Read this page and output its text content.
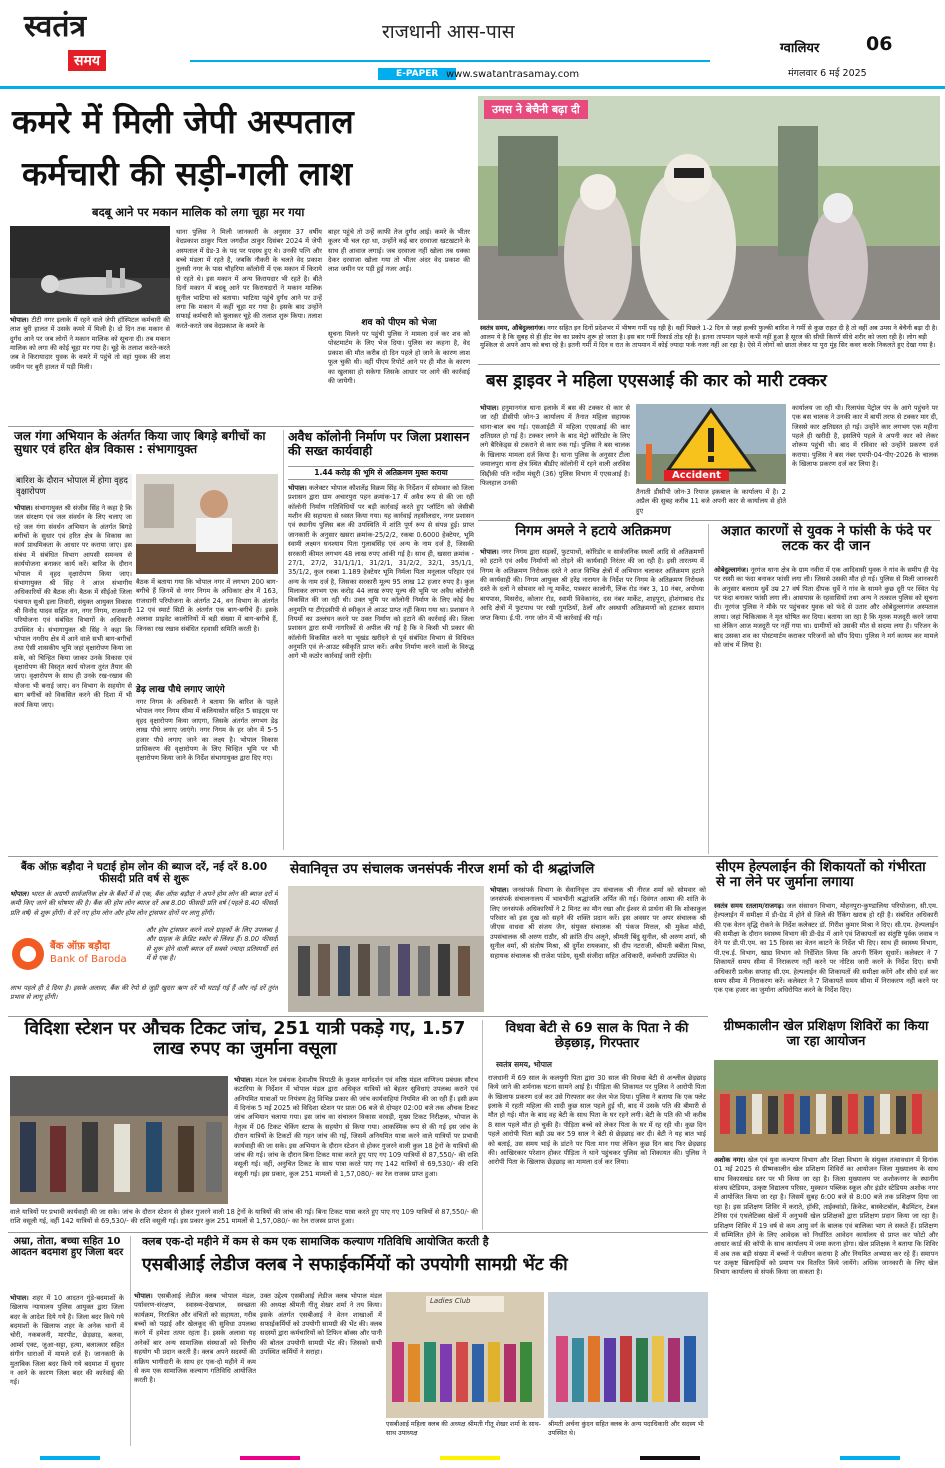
स्वतंत्र
समय
राजधानी आस-पास
E-PAPER www.swatantrasamay.com
ग्वालियर 06
मंगलवार 6 मई 2025
कमरे में मिली जेपी अस्पताल
कर्मचारी की सड़ी-गली लाश
बदबू आने पर मकान मालिक को लगा चूहा मर गया
भोपाल। टीटी नगर इलाके में रहने वाले जेपी हॉस्पिटल कर्मचारी की लाश बुरी हालत में उसके कमरे में मिली है। दो दिन तक मकान से दुर्गंध आने पर जब लोगों ने मकान मालिक को सूचना दी। तब मकान मालिक को लगा की कोई चूहा मर गया है। चूहे के तलाश करते-करते जब वे किरायादार युवक के कमरे में पहुंचे तो वहां युवक की लाश जमीन पर बुरी हालत में पड़ी मिली।
थाना पुलिस ने मिली जानकारी के अनुसार 37 वर्षीय वेदप्रकाश ठाकुर पिता जगदीश ठाकुर दिसंबर 2024 में जेपी अस्पताल में ग्रेड-3 के पद पर पदस्थ हुए थे। उनकी पत्नि और बच्चे मंडला में रहते है, जबकि नौकरी के चलते वेद प्रकाश तुलसी नगर के पास चौहरिया कॉलोनी में एक मकान में किराये से रहते थे। इस मकान में अन्य किरायदार भी रहते है। बीते दिनों मकान में बदबू आने पर किरायदारों ने मकान मालिक सुनील भाटिया को बताया। भाटिया पहुंचे दुर्गंध आने पर उन्हें लगा कि मकान में कहीं चूहा मर गया है। इसके बाद उन्होंने सफाई कर्मचारी को बुलाकर चूहे की तलाश शुरू किया। तलाश करते-करते जब वेदप्रकाश के कमरे के
बाहर पहुंचे तो उन्हें काफी तेज दुर्गंध आई। कमरे के भीतर कूलर भी चल रहा था, उन्होंने कई बार दरवाजा खटखटाने के साथ ही आवाज लगाई। जब दरवाजा नहीं खोला तब धक्का देकर दरवाजा खोला गया तो भीतर अंदर वेद प्रकाश की लाश जमीन पर पड़ी हुई नजर आई।
शव को पीएम को भेजा
सूचना मिलने पर पहुंची पुलिस ने मामला दर्ज कर शव को पोस्टमार्टम के लिए भेज दिया। पुलिस का कहना है, वेद प्रकाश की मौत करीब दो दिन पहले हो जाने के कारण लाश फूल चुकी थी। वहीं पीएम रिपोर्ट आने पर ही मौत के कारण का खुलासा हो सकेगा जिसके आधार पर आगे की कार्रवाई की जायेगी।
उमस ने बेचैनी बढ़ा दी
स्वतंत्र समय, औबेदुल्लागंज। नगर सहित इन दिनों प्रदेशभर में भीषण गर्मी पड़ रही है। वहीं पिछले 1-2 दिन से जहां हल्की फुल्की बारिश ने गर्मी से कुछ राहत दी है तो वहीं अब उमस ने बेचैनी बढ़ा दी है। आलम ये है कि सुबह से ही हीट वेव का प्रकोप शुरू हो जाता है। इस बार गर्मी रिकार्ड तोड़ रही है। इतना तापमान पहले कभी नहीं हुआ है सूरज की सीधी किरणें सीधे शरीर को जला रही है। लोग बड़ी मुश्किल से अपने आप को बचा रहे है। इतनी गर्मी में दिन व रात के तापमान में कोई ज्यादा फर्क नजर नहीं आ रहा है। ऐसे में लोगों को छाता लेकर या पूरा मुंह सिर कवर करके निकलते हुए देखा गया है।
जल गंगा अभियान के अंतर्गत किया जाए बिगड़े बगीचों का सुधार एवं हरित क्षेत्र विकास : संभागायुक्त
बारिश के दौरान भोपाल में होगा वृहद वृक्षारोपण
भोपाल। संभागायुक्त श्री संजीव सिंह ने कहा है कि जल संरक्षण एवं जल संवर्धन के लिए चलाए जा रहे जल गंगा संवर्धन अभियान के अंतर्गत बिगड़े बगीचों के सुधार एवं हरित क्षेत्र के विकास का कार्य प्राथमिकता के आधार पर कराया जाए। इस संबंध में संबंधित विभाग आपसी समन्वय से कार्ययोजना बनाकर कार्य करें। बारिश के दौरान भोपाल में वृहद वृक्षारोपण किया जाए। संभागायुक्त श्री सिंह ने आज संभागीय अधिकारियों की बैठक ली। बैठक में सीईओ जिला पंचायत सुश्री इला तिवारी, संयुक्त आयुक्त विकास श्री विनोद यादव सहित वन, नगर निगम, राजधानी परियोजना एवं संबंधित विभागों के अधिकारी उपस्थित थे। संभागायुक्त श्री सिंह ने कहा कि भोपाल नगरीय क्षेत्र में आने वाले सभी बाग-बगीचों तथा ऐसी शासकीय भूमि जहां वृक्षारोपण किया जा सके, को चिन्हित किया जाकर उनके विकास एवं वृक्षारोपण की विस्तृत कार्य योजना तुरंत तैयार की जाए। वृक्षारोपण के साथ ही उनके रख-रखाव की योजना भी बनाई जाए। वन विभाग के सहयोग से बाग बगीचों को विकसित करने की दिशा में भी कार्य किया जाए।
बैठक में बताया गया कि भोपाल नगर में लगभग 200 बाग-बगीचे हैं जिनमें से नगर निगम के अधिकार क्षेत्र में 163, राजधानी परियोजना के अंतर्गत 24, वन विभाग के अंतर्गत 12 एवं स्मार्ट सिटी के अंतर्गत एक बाग-बगीचे हैं। इसके अलावा प्राइवेट कालोनियों में बड़ी संख्या में बाग-बगीचे हैं, जिनका रख रखाव संबंधित रहवासी समिति करती है।
डेढ़ लाख पौधे लगाए जाएंगे
नगर निगम के अधिकारी ने बताया कि बारिश के पहले भोपाल नगर निगम सीमा में कलियासोत सहित 5 साइट्स पर वृहद वृक्षारोपण किया जाएगा, जिसके अंतर्गत लगभग डेढ़ लाख पौधे लगाए जाएंगे। नगर निगम के हर जोन में 5-5 हजार पौधे लगाए जाने का लक्ष्य है। भोपाल विकास प्राधिकरण की वृक्षारोपण के लिए चिन्हित भूमि पर भी वृक्षारोपण किया जाने के निर्देश संभागायुक्त द्वारा दिए गए।
अवैध कॉलोनी निर्माण पर जिला प्रशासन की सख्त कार्यवाही
1.44 करोड़ की भूमि से अतिक्रमण मुक्त कराया
भोपाल। कलेक्टर भोपाल कौशलेंद्र विक्रम सिंह के निर्देशन में सोमवार को जिला प्रशासन द्वारा ग्राम अचारपुरा पहन क्रमांक-17 में अवैध रूप से की जा रही कॉलोनी निर्माण गतिविधियों पर बड़ी कार्रवाई करते हुए प्लॉटिंग को जेसीबी मशीन की सहायता से ध्वस्त किया गया। यह कार्रवाई तहसीलदार, नगर प्रशासन एवं स्थानीय पुलिस बल की उपस्थिति में शांति पूर्ण रूप से संपन्न हुई। प्राप्त जानकारी के अनुसार खसरा क्रमांक-25/2/2, रकबा 0.6000 हेक्टेयर, भूमि स्वामी लक्ष्मन घनश्याम पिता गुलाबसिंह एवं अन्य के नाम दर्ज है, जिसकी सरकारी कीमत लगभग 48 लाख रुपए आंकी गई है। साथ ही, खसरा क्रमांक - 27/1, 27/2, 31/1/1/1, 31/2/1, 31/2/2, 32/1, 35/1/1, 35/1/2, कुल रकबा 1.189 हेक्टेयर भूमि निर्मला पिता मनूलाल परिहार एवं अन्य के नाम दर्ज है, जिसका सरकारी मूल्य 95 लाख 12 हजार रुपए है। कुल मिलाकर लगभग एक करोड़ 44 लाख रुपए मूल्य की भूमि पर अवैध कॉलोनी विकसित की जा रही थी। उक्त भूमि पर कॉलोनी निर्माण के लिए कोई वैध अनुमति या टीएंडसीपी से स्वीकृत ले आउट प्राप्त नहीं किया गया था। प्रशासन ने नियमों का उल्लंघन करने पर उक्त निर्माण को हटाने की कार्रवाई की। जिला प्रशासन द्वारा सभी नागरिकों से अपील की गई है कि वे किसी भी प्रकार की कॉलोनी विकसित करने या भूखंड खरीदने से पूर्व संबंधित विभाग से विधिवत अनुमति एवं ले-आउट स्वीकृति प्राप्त करें। अवैध निर्माण करने वालों के विरुद्ध आगे भी कठोर कार्रवाई जारी रहेगी।
बस ड्राइवर ने महिला एएसआई की कार को मारी टक्कर
भोपाल। हनुमानगंज थाना इलाके में बस की टक्कर से कार से जा रही डीसीपी जोन-3 कार्यालय में तैनात महिला सहायक थाना-बाल बच गई। एसआईटी में महिला एएसआई की कार क्षतिग्रस्त हो गई है। टक्कर लगने के बाद मेट्रो कॉरिडोर के लिए लगे बैरिकेड्स से टकराने से कार रुक गई। पुलिस ने बस चालक के खिलाफ मामला दर्ज किया है। थाना पुलिस के अनुसार टीला जमालपुरा थाना क्षेत्र स्थित बीडीए कॉलोनी में रहने वाली अरविस सिद्दीकी पति नदीम मंसूरी (36) पुलिस विभाग में एएसआई है। फिलहाल उनकी
Accident
तैनाती डीसीपी जोन-3 रियाज इकबाल के कार्यालय में है। 2 अप्रैल की सुबह करीब 11 बजे अपनी कार से कार्यालय से होते हुए
कार्यालय जा रही थी। रिलायंस पेट्रोल पंप के आगे पहुंचने पर एक बस चालक ने उनकी कार में बायीं तरफ से टक्कर मार दी, जिससे कार क्षतिग्रस्त हो गई। उन्होंने कार लगभग एक महीना पहले ही खरीदी है, इसलिये पहले वे अपनी कार को लेकर शोरूम पहुंची थी। बाद में रविवार को उन्होंने प्रकरण दर्ज कराया। पुलिस ने बस नंबर एमपी-04-पीए-2026 के चालक के खिलाफ प्रकरण दर्ज कर लिया है।
निगम अमले ने हटाये अतिक्रमण
भोपाल। नगर निगम द्वारा सड़कों, फुटपाथों, कॉरिडोर व सार्वजनिक स्थलों आदि से अतिक्रमणों को हटाने एवं अवैध निर्माणों को तोड़ने की कार्यवाही निरंतर की जा रही है। इसी तारतम्य में निगम के अतिक्रमण निरोधक दस्ते ने आज विभिन्न क्षेत्रों में अभियान चलाकर अतिक्रमण हटाने की कार्यवाही की। निगम आयुक्त श्री हरेंद्र नारायन के निर्देश पर निगम के अतिक्रमण निरोधक दस्ते के दलों ने सोमवार को न्यू मार्केट, पत्रकार कालोनी, लिंक रोड नंबर 3, 10 नंबर, अयोध्या बायपास, मिसरोद, कोलार रोड, स्वामी विवेकानंद, दस नंबर मार्केट, शाहपुरा, होशंगाबाद रोड आदि क्षेत्रों में फुटपाथ पर रखी गुमठियों, ठेलों और अस्थायी अतिक्रमणों को हटाकर सामान जप्त किया। ई.पी. नगर जोन में भी कार्रवाई की गई।
अज्ञात कारणों से युवक ने फांसी के फंदे पर लटक कर दी जान
ओबेदुल्लागंज। नूरगंज थाना क्षेत्र के ग्राम नवीरा में एक आदिवासी युवक ने गांव के समीप ही पेड़ पर रस्सी का फंदा बनाकर फांसी लगा ली। जिससे उसकी मौत हो गई। पुलिस से मिली जानकारी के अनुसार बलराम धुर्वे उम्र 27 वर्ष पिता दीपक धुर्वे ने गांव के सामने कुछ दूरी पर स्थित पेड़ पर फंदा बनाकर फांसी लगा ली। आसपास के रहवासियों तथा अन्य ने तत्काल पुलिस को सूचना दी। नूरगंज पुलिस ने मौके पर पहुंचकर युवक को फंदे से उतार और ओबेदुल्लागंज अस्पताल लाया। जहां चिकित्सक ने मृत घोषित कर दिया। बताया जा रहा है कि मृतक मजदूरी करने जाया था लेकिन आज मजदूरी पर नहीं गया था। ग्रामीणों को उसकी मौत से सदमा लगा है। परिजन के बाद उसका शव का पोस्टमार्टम कराकर परिजनों को सौंप दिया। पुलिस ने मर्ग कायम कर मामले को जांच में लिया है।
बैंक ऑफ़ बड़ौदा ने घटाई होम लोन की ब्याज दरें, नई दरें 8.00 फीसदी प्रति वर्ष से शुरू
भोपाल। भारत के अग्रणी सार्वजनिक क्षेत्र के बैंकों में से एक, बैंक ऑफ़ बड़ौदा ने अपने होम लोन की ब्याज दरों में कमी किए जाने की घोषणा की है। बैंक की होम लोन ब्याज दरें अब 8.00 फीसदी प्रति वर्ष (पहले 8.40 फीसदी प्रति वर्ष) से शुरू होंगी। ये दरें नए होम लोन और होम लोन ट्रांसफर दोनों पर लागू होंगी।
बैंक ऑफ़ बड़ौदा
Bank of Baroda
और होम ट्रांसफ़र करने वाले ग्राहकों के लिए उपलब्ध है और ग्राहक के क्रेडिट स्कोर से लिंक्ड हैं। 8.00 फीसदी से शुरू होने वाली ब्याज दरें सबसे ज्यादा प्रतिस्पर्धी दरों में से एक है।
लाभ पहले ही दे दिया है। इसके अलावा, बैंक की रेपो से जुड़ी खुदरा ऋण दरें भी घटाई गई हैं और नई दरें तुरंत प्रभाव से लागू होंगी।
सेवानिवृत्त उप संचालक जनसंपर्क नीरज शर्मा को दी श्रद्धांजलि
भोपाल। जनसंपर्क विभाग के सेवानिवृत्त उप संचालक श्री नीरज शर्मा को सोमवार को जनसंपर्क संचालनालय में भावभीनी श्रद्धांजलि अर्पित की गई। दिवंगत आत्मा की शांति के लिए जनसंपर्क अधिकारियों ने 2 मिनट का मौन रखा और ईश्वर से प्रार्थना की कि शोकाकुल परिवार को इस दुख को सहने की शक्ति प्रदान करें। इस अवसर पर अपर संचालक श्री जीएस वाधवा श्री संजय जैन, संयुक्त संचालक श्री पंकज मित्तल, श्री मुकेश मोदी, उपसंचालक श्री अरुण राठौर, श्री क्रांति दीप अलूने, श्रीमती बिंदु सुनील, श्री अरुण शर्मा, श्री सुनील वर्मा, श्री संतोष मिश्रा, श्री दुर्गेश रायकवार, श्री दीप नटराजी, श्रीमती बबीता मिश्रा, सहायक संचालक श्री राजेश पांडेय, सुश्री संजीदा सहित अधिकारी, कर्मचारी उपस्थित थे।
सीएम हेल्पलाईन की शिकायतों को गंभीरता से ना लेने पर जुर्माना लगाया
स्वतंत्र समय रतलाम/राजगढ़। जल संसाधन विभाग, मोहनपुरा-कुण्डालिया परियोजना, सी.एम. हेल्पलाईन में समीक्षा में डी-ग्रेड में होने से जिले की रैंकिंग खराब हो रही है। संबंधित अधिकारी की एक वेतन वृद्धि रोकने के निर्देश कलेक्टर डॉ. गिरीश कुमार मिश्रा ने दिए। सी.एम. हेल्पलाईन की समीक्षा के दौरान स्वास्थ्य विभाग की डी-ग्रेड में आने एवं शिकायतों का संतुष्टि पूर्वक जवाब न देने पर डी.पी.एम. का 15 दिवस का वेतन काटने के निर्देश भी दिए। साथ ही स्वास्थ्य विभाग, पी.एच.ई. विभाग, खाद्य विभाग को निर्देशित किया कि अपनी रैंकिंग सुधारें। कलेक्टर ने 7 शिकायतें समय सीमा में निराकरण नहीं करने पर नोटिस जारी करने के निर्देश दिए। सभी अधिकारी प्रत्येक सप्ताह सी.एम. हेल्पलाईन की शिकायतों की समीक्षा करेंगे और सीधे दर्ज कर समय सीमा में निराकरण करें। कलेक्टर ने 7 शिकायतें समय सीमा में निराकरण नहीं करने पर एक एक हजार का जुर्माना अधिरोपित करने के निर्देश दिए।
विदिशा स्टेशन पर औचक टिकट जांच, 251 यात्री पकड़े गए, 1.57 लाख रुपए का जुर्माना वसूला
भोपाल। मंडल रेल प्रबंधक देवाशीष त्रिपाठी के कुशल मार्गदर्शन एवं वरिष्ठ मंडल वाणिज्य प्रबंधक सौरभ कटारिया के निर्देशन में भोपाल मंडल द्वारा अधिकृत यात्रियों को बेहतर सुविधाएं उपलब्ध कराने एवं अनियमित यात्राओं पर नियंत्रण हेतु विभिन्न प्रकार की जांच कार्यवाहियां नियमित की जा रही हैं। इसी क्रम में दिनांक 5 मई 2025 को विदिशा स्टेशन पर प्रातः 06 बजे से दोपहर 02:00 बजे तक औचक टिकट जांच अभियान चलाया गया। इस जांच का संचालन विकास वरवड़ी, मुख्य टिकट निरीक्षक, भोपाल के नेतृत्व में 06 टिकट चेकिंग स्टाफ के सहयोग से किया गया। आकस्मिक रूप से की गई इस जांच के दौरान यात्रियों के टिकटों की गहन जांच की गई, जिसमें अनियमित यात्रा करने वाले यात्रियों पर प्रभावी कार्यवाही की जा सके। इस अभियान के दौरान स्टेशन से होकर गुजरने वाली कुल 18 ट्रेनों के यात्रियों की जांच की गई। जांच के दौरान बिना टिकट यात्रा करते हुए पाए गए 109 यात्रियों से 87,550/- की राशि वसूली गई। वहीं, अनुचित टिकट के साथ यात्रा करते पाए गए 142 यात्रियों से 69,530/- की राशि वसूली गई। इस प्रकार, कुल 251 मामलों से 1,57,080/- का रेल राजस्व प्राप्त हुआ।
वाले यात्रियों पर प्रभावी कार्यवाही की जा सके। जांच के दौरान स्टेशन से होकर गुजरने वाली 18 ट्रेनों के यात्रियों की जांच की गई। बिना टिकट यात्रा करते हुए पाए गए 109 यात्रियों से 87,550/- की राशि वसूली गई, वहीं 142 यात्रियों से 69,530/- की राशि वसूली गई। इस प्रकार कुल 251 मामलों से 1,57,080/- का रेल राजस्व प्राप्त हुआ।
विधवा बेटी से 69 साल के पिता ने की छेड़छाड़, गिरफ्तार
स्वतंत्र समय, भोपाल
राजधानी में 69 साल के कलयुगी पिता द्वारा 30 साल की विधवा बेटी से अश्लील छेड़छाड़ किये जाने की शर्मनाक घटना सामने आई है। पीड़िता की शिकायत पर पुलिस ने आरोपी पिता के खिलाफ प्रकरण दर्ज कर उसे गिरफ्तार कर जेल भेज दिया। पुलिस ने बताया कि एक फ्लेट इलाके में रहती महिला की शादी कुछ साल पहले हुई थी, बाद में उसके पति की बीमारी से मौत हो गई। मौत के बाद वह बेटी के साथ पिता के घर रहने लगी। बेटी के पति की भी करीब 8 साल पहले मौत हो चुकी है। पीड़िता बच्चे को लेकर पिता के घर में रह रही थी। कुछ दिन पहले आरोपी पिता बड़ी उम्र कर 59 साल ने बेटी से छेड़छाड़ कर दी। बेटी ने यह बात भाई को बताई, उस समय भाई के डांटने पर पिता मान गया लेकिन कुछ दिन बाद फिर छेड़छाड़ की। आखिरकार परेशान होकर पीड़िता ने थाने पहुंचकर पुलिस को शिकायत की। पुलिस ने आरोपी पिता के खिलाफ छेड़छाड़ का मामला दर्ज कर लिया।
ग्रीष्मकालीन खेल प्रशिक्षण शिविरों का किया जा रहा आयोजन
अशोक नगर। खेल एवं युवा कल्याण विभाग और शिक्षा विभाग के संयुक्त तत्वावधान में दिनांक 01 मई 2025 से ग्रीष्मकालीन खेल प्रशिक्षण शिविरों का आयोजन जिला मुख्यालय के साथ साथ विकासखंड स्तर पर भी किया जा रहा है। जिला मुख्यालय पर अशोकनगर के स्थानीय संजय स्टेडियम, उत्कृष्ट विद्यालय परिसर, मुस्कान पब्लिक स्कूल और इंडोर स्टेडियम अशोक नगर में आयोजित किया जा रहा है। जिसमें सुबह 6:00 बजे से 8:00 बजे तक प्रशिक्षण दिया जा रहा है। इस प्रशिक्षण शिविर में कराते, हॉकी, ताईक्वांडो, क्रिकेट, बास्केटबॉल, बैडमिंटन, टेबल टेनिस एवं एथलेटिक्स खेलों में अनुभवी खेल प्रशिक्षकों द्वारा प्रशिक्षण प्रदान किया जा रहा है। प्रशिक्षण शिविर में 19 वर्ष से कम आयु वर्ग के बालक एवं बालिका भाग ले सकते हैं। प्रशिक्षण में सम्मिलित होने के लिए आवेदक को निर्धारित आवेदन कार्यालय से प्राप्त कर फोटो और आधार कार्ड की कॉपी के साथ कार्यालय में जमा करना होगा। खेल प्रशिक्षक ने बताया कि शिविर में अब तक बड़ी संख्या में बच्चों ने पंजीयन कराया है और नियमित अभ्यास कर रहे हैं। समापन पर उत्कृष्ट खिलाड़ियों को प्रमाण पत्र वितरित किये जायेंगे। अधिक जानकारी के लिए खेल विभाग कार्यालय से संपर्क किया जा सकता है।
अम्रा, तोता, बच्चा सहित 10 आदतन बदमाश हुए जिला बदर
भोपाल। शहर में 10 आदतन गुंडे-बदमाशों के खिलाफ न्यायालय पुलिस आयुक्त द्वारा जिला बदर के आदेश दिये गये है। जिला बदर किये गये बदमाशों के खिलाफ शहर के अनेक थानों में चोरी, नकबजनी, मारपीट, छेड़छाड़, बलवा, आर्म्स एक्ट, जुआ-सट्टा, हत्या, बलात्कार सहित संगीन धाराओं में मामले दर्ज है। जानकारी के मुताबिक जिला बदर किये गये बदमाश में सुधार न आने के कारण जिला बदर की कार्रवाई की गई।
क्लब एक-दो महीने में कम से कम एक सामाजिक कल्याण गतिविधि आयोजित करती है
एसबीआई लेडीज क्लब ने सफाईकर्मियों को उपयोगी सामग्री भेंट की
भोपाल। एसबीआई लेडीज क्लब भोपाल मंडल, पर्यावरण-संरक्षण, स्वास्थ्य-देखभाल, स्वच्छता कार्यक्रम, निराश्रित और वंचितों को सहायता, गरीब बच्चों को पढ़ाई और खेलकूद की सुविधा उपलब्ध करने में हमेशा तत्पर रहता है। इसके अलावा यह अनेकों बार अन्य सामाजिक संस्थाओं को वित्तीय सहयोग भी प्रदान करती है। क्लब अपने सदस्यों की सक्रिय भागीदारी के साथ हर एक-दो महीने में कम से कम एक सामाजिक कल्याण गतिविधि आयोजित करती है।
उक्त उद्देश्य एसबीआई लेडीज क्लब भोपाल मंडल की अध्यक्ष श्रीमती गीतू शेखर शर्मा ने तय किया। इसके अंतर्गत एसबीआई ने वेतन शाखाओं में सफाईकर्मियों को उपयोगी सामग्री की भेंट की। क्लब सदस्यों द्वारा कर्मचारियों को टिफिन बॉक्स और पानी की बोतल उपयोगी सामग्री भेंट की। जिसको सभी उपस्थित कर्मियों ने सराहा।
Ladies Club
एसबीआई महिला क्लब की अध्यक्ष श्रीमती गीतू शेखर शर्मा के साथ-साथ उपाध्यक्ष
श्रीमती अर्चना कुंदन सहित क्लब के अन्य पदाधिकारी और सदस्य भी उपस्थित थे।
